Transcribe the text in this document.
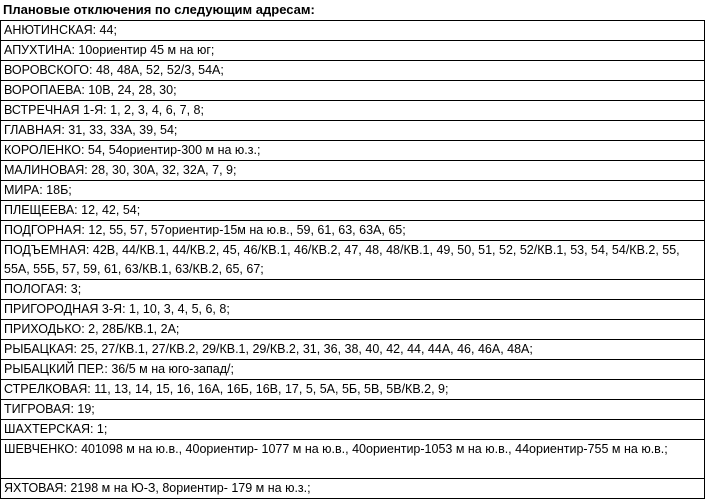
Плановые отключения по следующим адресам:
АНЮТИНСКАЯ: 44;
АПУХТИНА: 10ориентир 45 м на юг;
ВОРОВСКОГО: 48, 48А, 52, 52/3, 54А;
ВОРОПАЕВА: 10В, 24, 28, 30;
ВСТРЕЧНАЯ 1-Я: 1, 2, 3, 4, 6, 7, 8;
ГЛАВНАЯ: 31, 33, 33А, 39, 54;
КОРОЛЕНКО: 54, 54ориентир-300 м на ю.з.;
МАЛИНОВАЯ: 28, 30, 30А, 32, 32А, 7, 9;
МИРА: 18Б;
ПЛЕЩЕЕВА: 12, 42, 54;
ПОДГОРНАЯ: 12, 55, 57, 57ориентир-15м на ю.в., 59, 61, 63, 63А, 65;
ПОДЪЕМНАЯ: 42В, 44/КВ.1, 44/КВ.2, 45, 46/КВ.1, 46/КВ.2, 47, 48, 48/КВ.1, 49, 50, 51, 52, 52/КВ.1, 53, 54, 54/КВ.2, 55, 55А, 55Б, 57, 59, 61, 63/КВ.1, 63/КВ.2, 65, 67;
ПОЛОГАЯ: 3;
ПРИГОРОДНАЯ 3-Я: 1, 10, 3, 4, 5, 6, 8;
ПРИХОДЬКО: 2, 28Б/КВ.1, 2А;
РЫБАЦКАЯ: 25, 27/КВ.1, 27/КВ.2, 29/КВ.1, 29/КВ.2, 31, 36, 38, 40, 42, 44, 44А, 46, 46А, 48А;
РЫБАЦКИЙ ПЕР.: 36/5 м на юго-запад/;
СТРЕЛКОВАЯ: 11, 13, 14, 15, 16, 16А, 16Б, 16В, 17, 5, 5А, 5Б, 5В, 5В/КВ.2, 9;
ТИГРОВАЯ: 19;
ШАХТЕРСКАЯ: 1;
ШЕВЧЕНКО: 401098 м на ю.в., 40ориентир- 1077 м на ю.в., 40ориентир-1053 м на ю.в., 44ориентир-755 м на ю.в.;
ЯХТОВАЯ: 2198 м на Ю-З, 8ориентир- 179 м на ю.з.;
